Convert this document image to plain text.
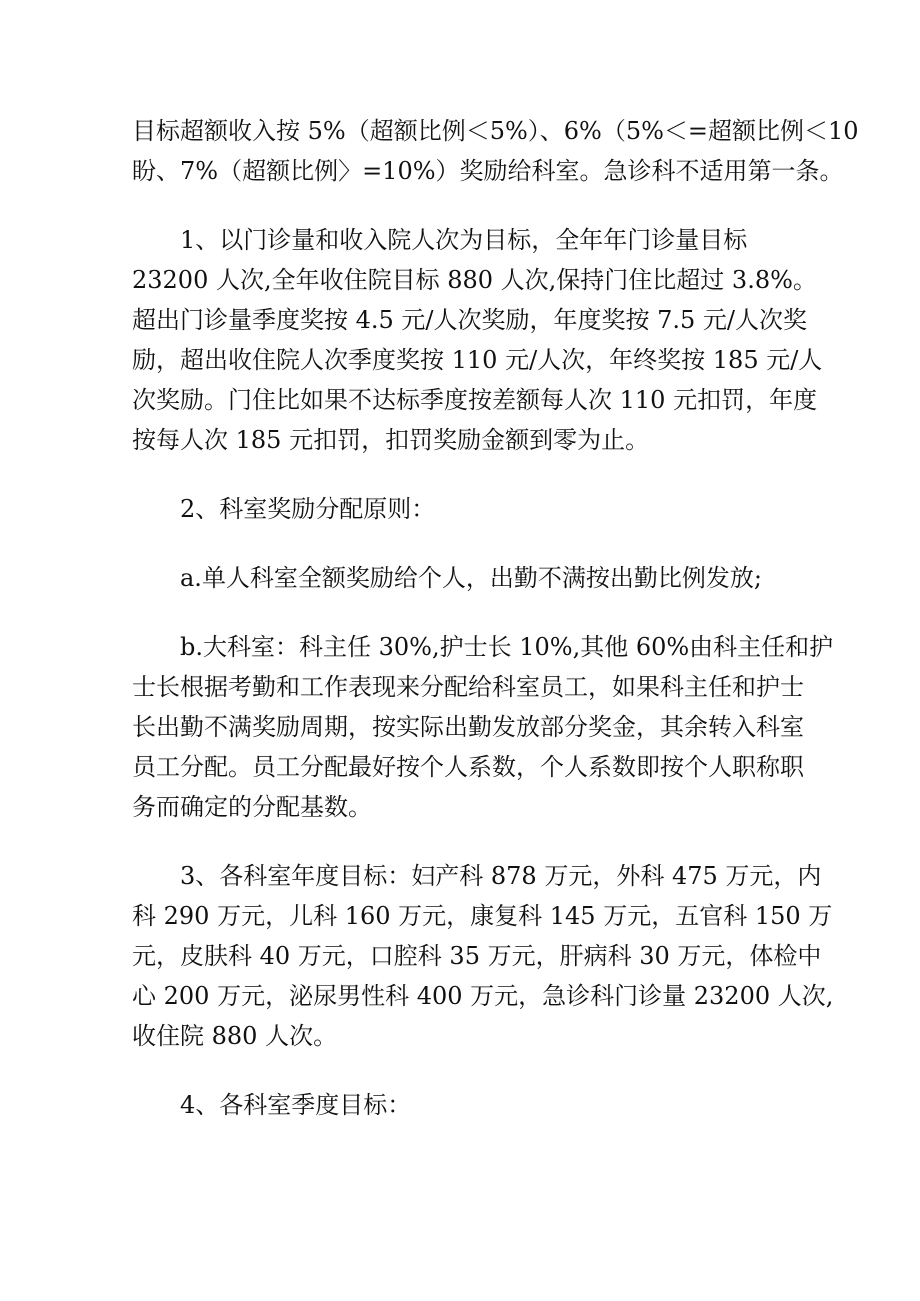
目标超额收入按 5%（超额比例＜5%）、6%（5%＜=超额比例＜10
盼、7%（超额比例〉=10%）奖励给科室。急诊科不适用第一条。

1、以门诊量和收入院人次为目标，全年年门诊量目标
23200 人次,全年收住院目标 880 人次,保持门住比超过 3.8%。
超出门诊量季度奖按 4.5 元/人次奖励，年度奖按 7.5 元/人次奖
励，超出收住院人次季度奖按 110 元/人次，年终奖按 185 元/人
次奖励。门住比如果不达标季度按差额每人次 110 元扣罚，年度
按每人次 185 元扣罚，扣罚奖励金额到零为止。

2、科室奖励分配原则：

a.单人科室全额奖励给个人，出勤不满按出勤比例发放;

b.大科室：科主任 30%,护士长 10%,其他 60%由科主任和护
士长根据考勤和工作表现来分配给科室员工，如果科主任和护士
长出勤不满奖励周期，按实际出勤发放部分奖金，其余转入科室
员工分配。员工分配最好按个人系数，个人系数即按个人职称职
务而确定的分配基数。

3、各科室年度目标：妇产科 878 万元，外科 475 万元，内
科 290 万元，儿科 160 万元，康复科 145 万元，五官科 150 万
元，皮肤科 40 万元，口腔科 35 万元，肝病科 30 万元，体检中
心 200 万元，泌尿男性科 400 万元，急诊科门诊量 23200 人次,
收住院 880 人次。

4、各科室季度目标：
